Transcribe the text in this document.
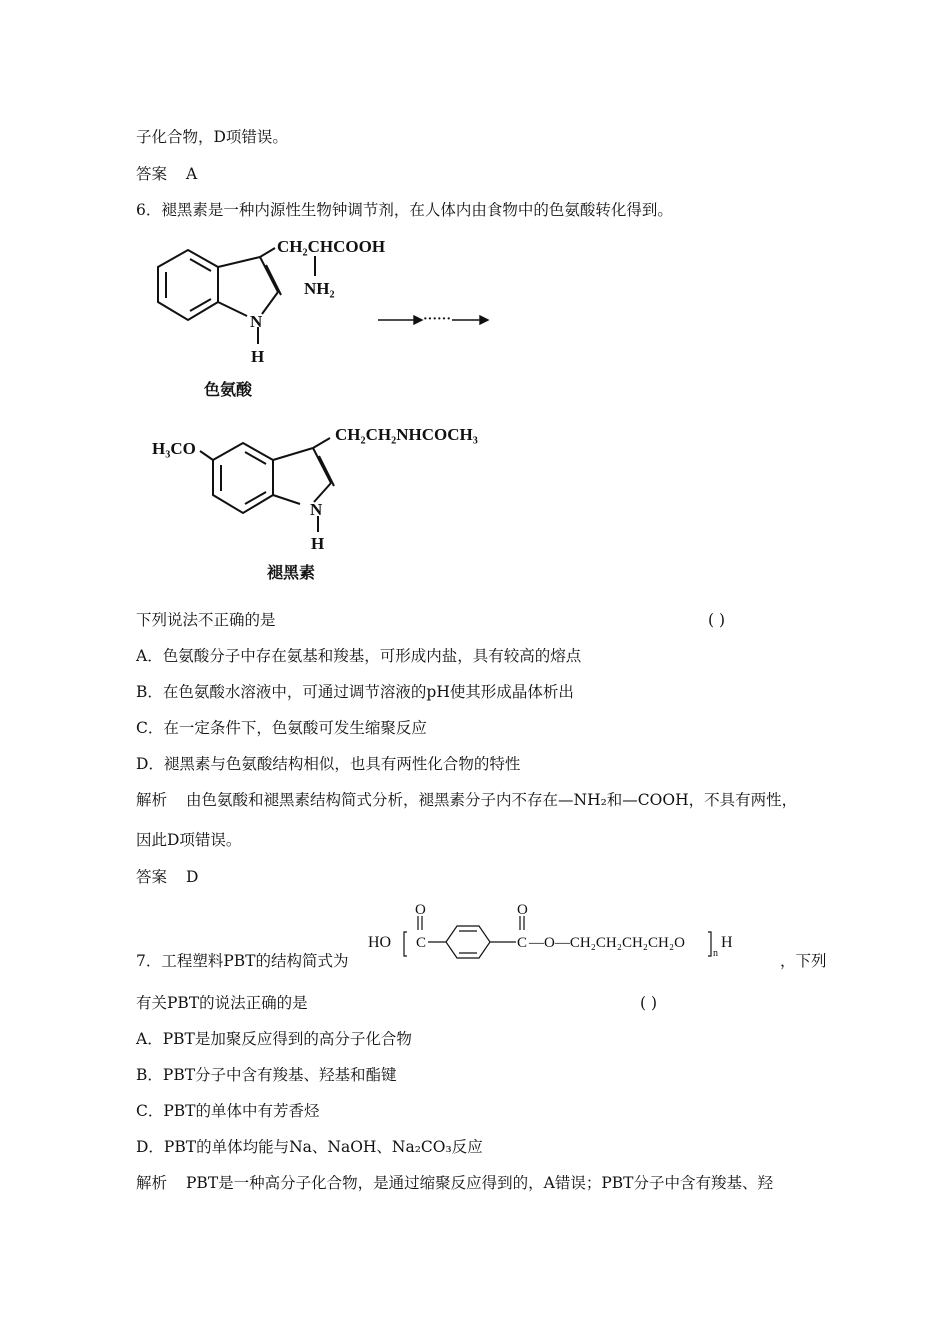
子化合物，D项错误。
答案 A
6．褪黑素是一种内源性生物钟调节剂，在人体内由食物中的色氨酸转化得到。
CH₂CHCOOH
NH₂
N
H
色氨酸
······
H₃CO
CH₂CH₂NHCOCH₃
N
H
褪黑素
下列说法不正确的是	( )
A．色氨酸分子中存在氨基和羧基，可形成内盐，具有较高的熔点
B．在色氨酸水溶液中，可通过调节溶液的pH使其形成晶体析出
C．在一定条件下，色氨酸可发生缩聚反应
D．褪黑素与色氨酸结构相似，也具有两性化合物的特性
解析 由色氨酸和褪黑素结构简式分析，褪黑素分子内不存在—NH₂和—COOH，不具有两性，
因此D项错误。
答案 D
HO
O
C
O
C —O—CH₂CH₂CH₂CH₂O
n
H
7．工程塑料PBT的结构简式为	，下列
有关PBT的说法正确的是	( )
A．PBT是加聚反应得到的高分子化合物
B．PBT分子中含有羧基、羟基和酯键
C．PBT的单体中有芳香烃
D．PBT的单体均能与Na、NaOH、Na₂CO₃反应
解析 PBT是一种高分子化合物，是通过缩聚反应得到的，A错误；PBT分子中含有羧基、羟
